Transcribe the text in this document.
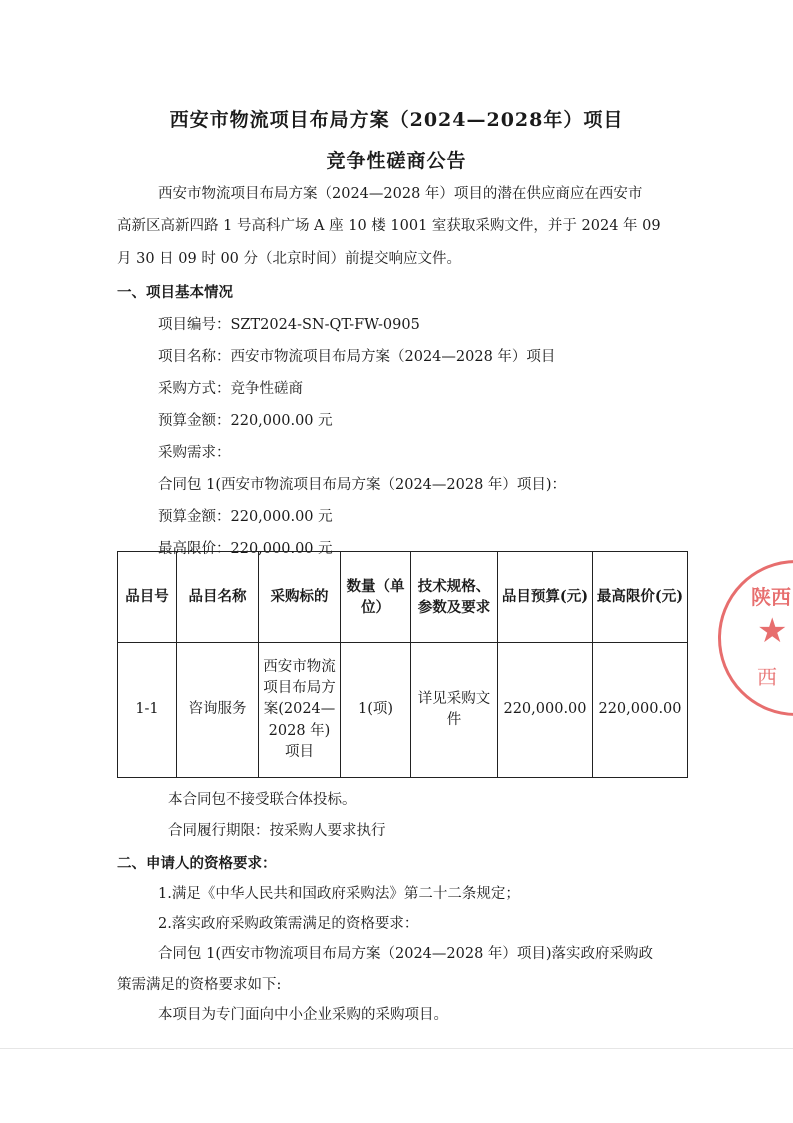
西安市物流项目布局方案（2024—2028年）项目
竞争性磋商公告
西安市物流项目布局方案（2024—2028 年）项目的潜在供应商应在西安市
高新区高新四路 1 号高科广场 A 座 10 楼 1001 室获取采购文件，并于 2024 年 09
月 30 日 09 时 00 分（北京时间）前提交响应文件。
一、项目基本情况
项目编号：SZT2024-SN-QT-FW-0905
项目名称：西安市物流项目布局方案（2024—2028 年）项目
采购方式：竞争性磋商
预算金额：220,000.00 元
采购需求：
合同包 1(西安市物流项目布局方案（2024—2028 年）项目)：
预算金额：220,000.00 元
最高限价：220,000.00 元
品目号	品目名称	采购标的	数量（单位）	技术规格、参数及要求	品目预算(元)	最高限价(元)
1-1	咨询服务	西安市物流项目布局方案(2024—2028 年) 项目	1(项)	详见采购文件	220,000.00	220,000.00
本合同包不接受联合体投标。
合同履行期限：按采购人要求执行
二、申请人的资格要求：
1.满足《中华人民共和国政府采购法》第二十二条规定；
2.落实政府采购政策需满足的资格要求：
合同包 1(西安市物流项目布局方案（2024—2028 年）项目)落实政府采购政
策需满足的资格要求如下:
本项目为专门面向中小企业采购的采购项目。
陕西
★
西
